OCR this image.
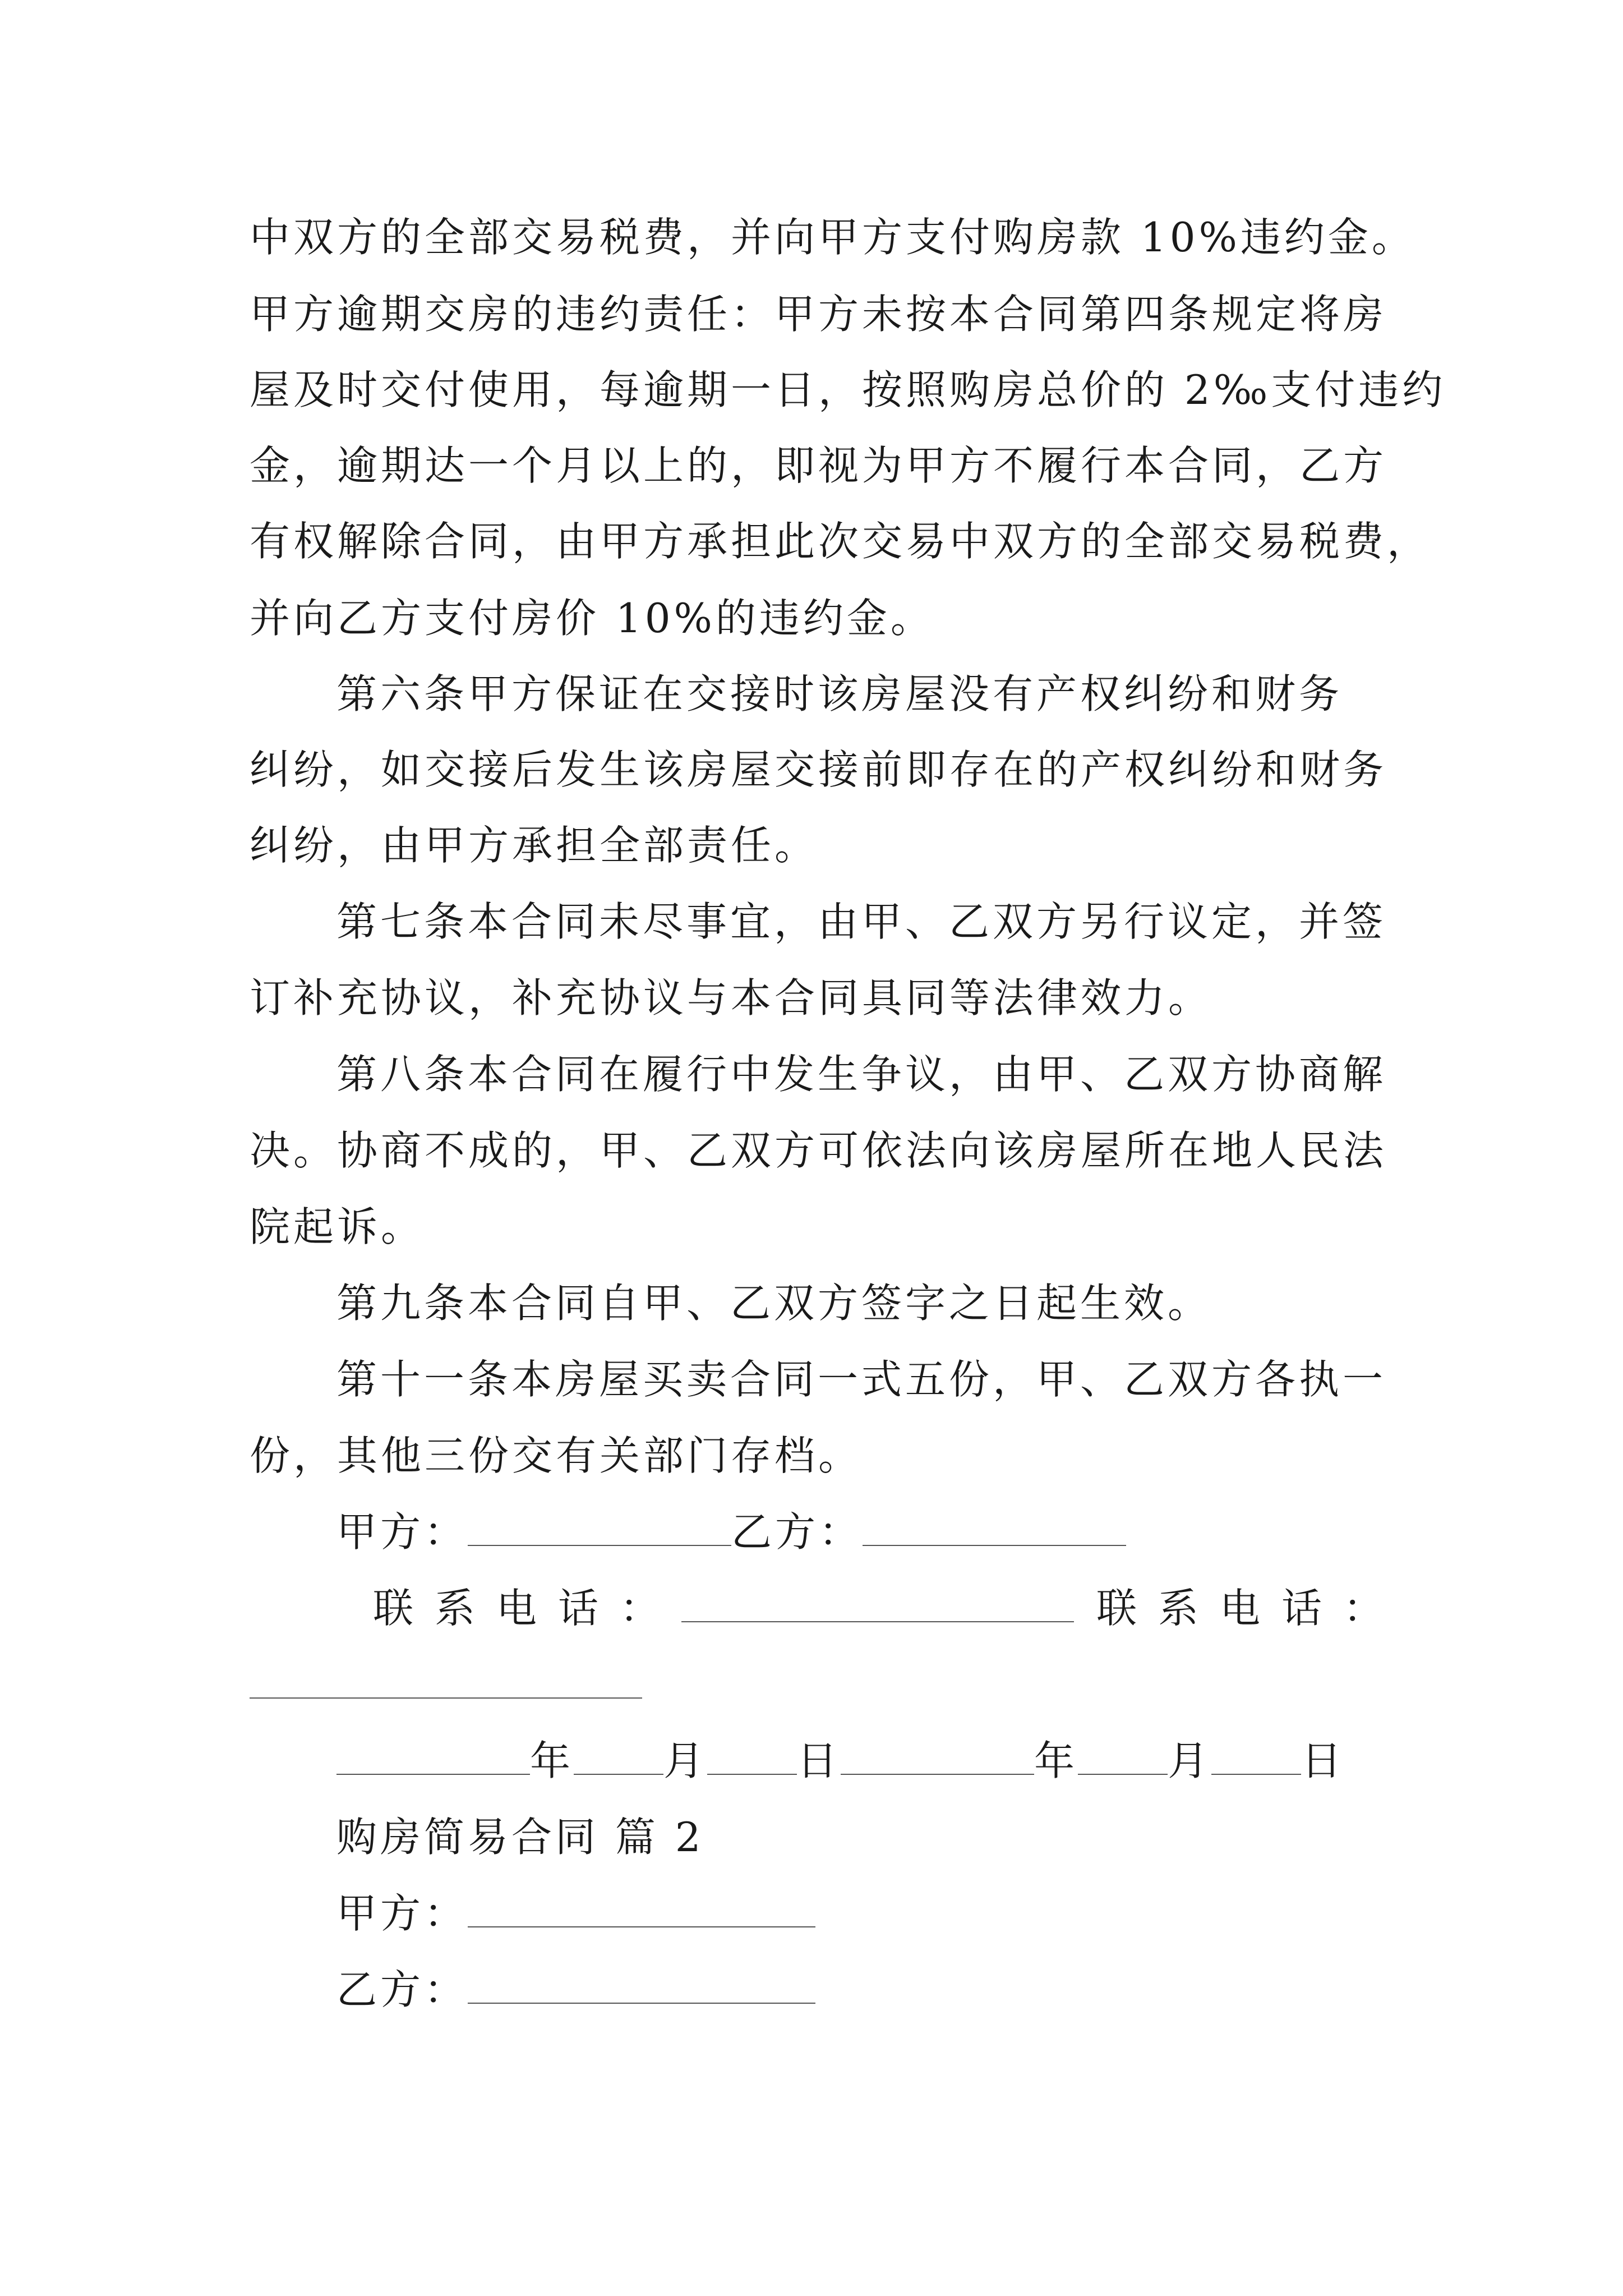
中双方的全部交易税费，并向甲方支付购房款 10%违约金。
甲方逾期交房的违约责任：甲方未按本合同第四条规定将房
屋及时交付使用，每逾期一日，按照购房总价的 2‰支付违约
金，逾期达一个月以上的，即视为甲方不履行本合同，乙方
有权解除合同，由甲方承担此次交易中双方的全部交易税费，
并向乙方支付房价 10%的违约金。
第六条甲方保证在交接时该房屋没有产权纠纷和财务
纠纷，如交接后发生该房屋交接前即存在的产权纠纷和财务
纠纷，由甲方承担全部责任。
第七条本合同未尽事宜，由甲、乙双方另行议定，并签
订补充协议，补充协议与本合同具同等法律效力。
第八条本合同在履行中发生争议，由甲、乙双方协商解
决。协商不成的，甲、乙双方可依法向该房屋所在地人民法
院起诉。
第九条本合同自甲、乙双方签字之日起生效。
第十一条本房屋买卖合同一式五份，甲、乙双方各执一
份，其他三份交有关部门存档。
甲方：	乙方：
联系电话：	联系电话：
年 月 日	年 月 日
购房简易合同 篇 2
甲方：
乙方：
